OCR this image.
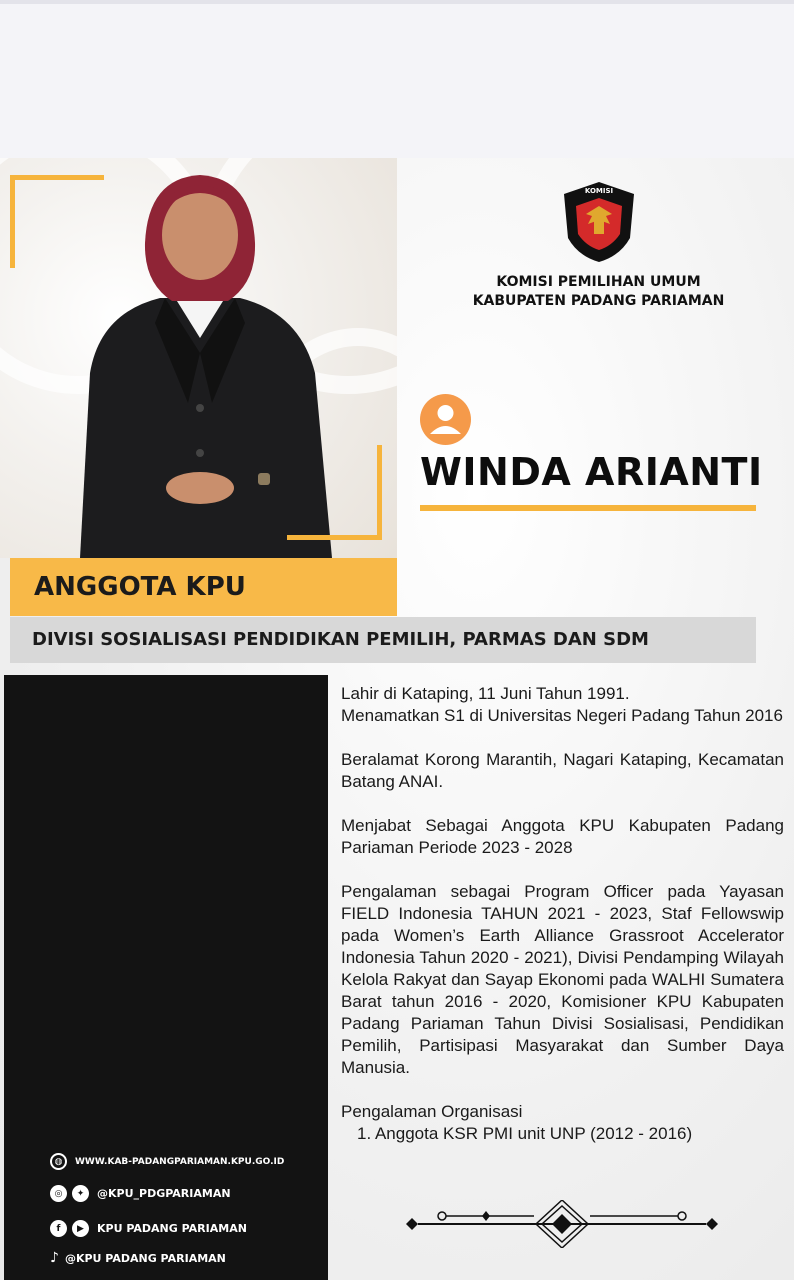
KOMISI
KOMISI PEMILIHAN UMUM
KABUPATEN PADANG PARIAMAN
WINDA ARIANTI
ANGGOTA KPU
DIVISI SOSIALISASI PENDIDIKAN PEMILIH, PARMAS DAN SDM
◍	WWW.KAB-PADANGPARIAMAN.KPU.GO.ID
◎	✦	@KPU_PDGPARIAMAN
f	▶	KPU PADANG PARIAMAN
♪ @KPU PADANG PARIAMAN

Lahir di Kataping, 11 Juni Tahun 1991.

Menamatkan S1 di Universitas Negeri Padang Tahun 2016

Beralamat Korong Marantih, Nagari Kataping, Kecamatan Batang ANAI.

Menjabat Sebagai Anggota KPU Kabupaten Padang Pariaman Periode 2023 - 2028

Pengalaman sebagai Program Officer pada Yayasan FIELD Indonesia TAHUN 2021 - 2023, Staf Fellowswip pada Women’s Earth Alliance Grassroot Accelerator Indonesia Tahun 2020 - 2021), Divisi Pendamping Wilayah Kelola Rakyat dan Sayap Ekonomi pada WALHI Sumatera Barat tahun 2016 - 2020, Komisioner KPU Kabupaten Padang Pariaman Tahun Divisi Sosialisasi, Pendidikan Pemilih, Partisipasi Masyarakat dan Sumber Daya Manusia.

Pengalaman Organisasi

1. Anggota KSR PMI unit UNP (2012 - 2016)
